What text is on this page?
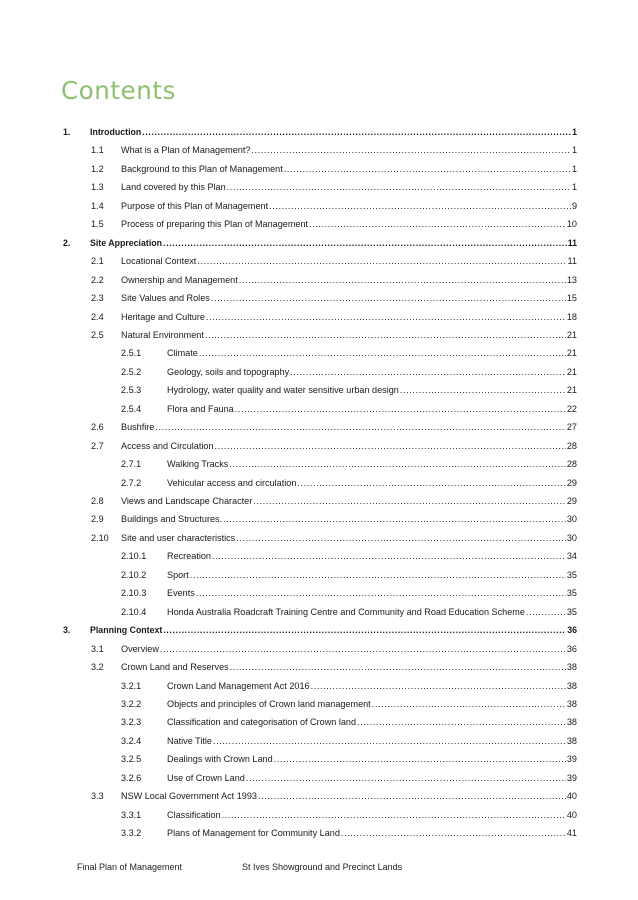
Contents
1. Introduction .....	1
1.1 What is a Plan of Management? .....	1
1.2 Background to this Plan of Management .....	1
1.3 Land covered by this Plan .....	1
1.4 Purpose of this Plan of Management .....	9
1.5 Process of preparing this Plan of Management .....	10
2. Site Appreciation .....	11
2.1 Locational Context .....	11
2.2 Ownership and Management .....	13
2.3 Site Values and Roles .....	15
2.4 Heritage and Culture .....	18
2.5 Natural Environment .....	21
2.5.1	Climate .....	21
2.5.2	Geology, soils and topography .....	21
2.5.3	Hydrology, water quality and water sensitive urban design .....	21
2.5.4	Flora and Fauna .....	22
2.6 Bushfire .....	27
2.7 Access and Circulation .....	28
2.7.1	Walking Tracks .....	28
2.7.2	Vehicular access and circulation .....	29
2.8 Views and Landscape Character .....	29
2.9 Buildings and Structures. .....	30
2.10 Site and user characteristics .....	30
2.10.1 Recreation .....	34
2.10.2 Sport .....	35
2.10.3 Events .....	35
2.10.4 Honda Australia Roadcraft Training Centre and Community and Road Education Scheme .....	35
3. Planning Context .....	36
3.1 Overview .....	36
3.2 Crown Land and Reserves .....	38
3.2.1	Crown Land Management Act 2016 .....	38
3.2.2	Objects and principles of Crown land management .....	38
3.2.3	Classification and categorisation of Crown land .....	38
3.2.4	Native Title .....	38
3.2.5	Dealings with Crown Land .....	39
3.2.6	Use of Crown Land .....	39
3.3 NSW Local Government Act 1993 .....	40
3.3.1	Classification .....	40
3.3.2	Plans of Management for Community Land .....	41
Final Plan of Management	St Ives Showground and Precinct Lands
